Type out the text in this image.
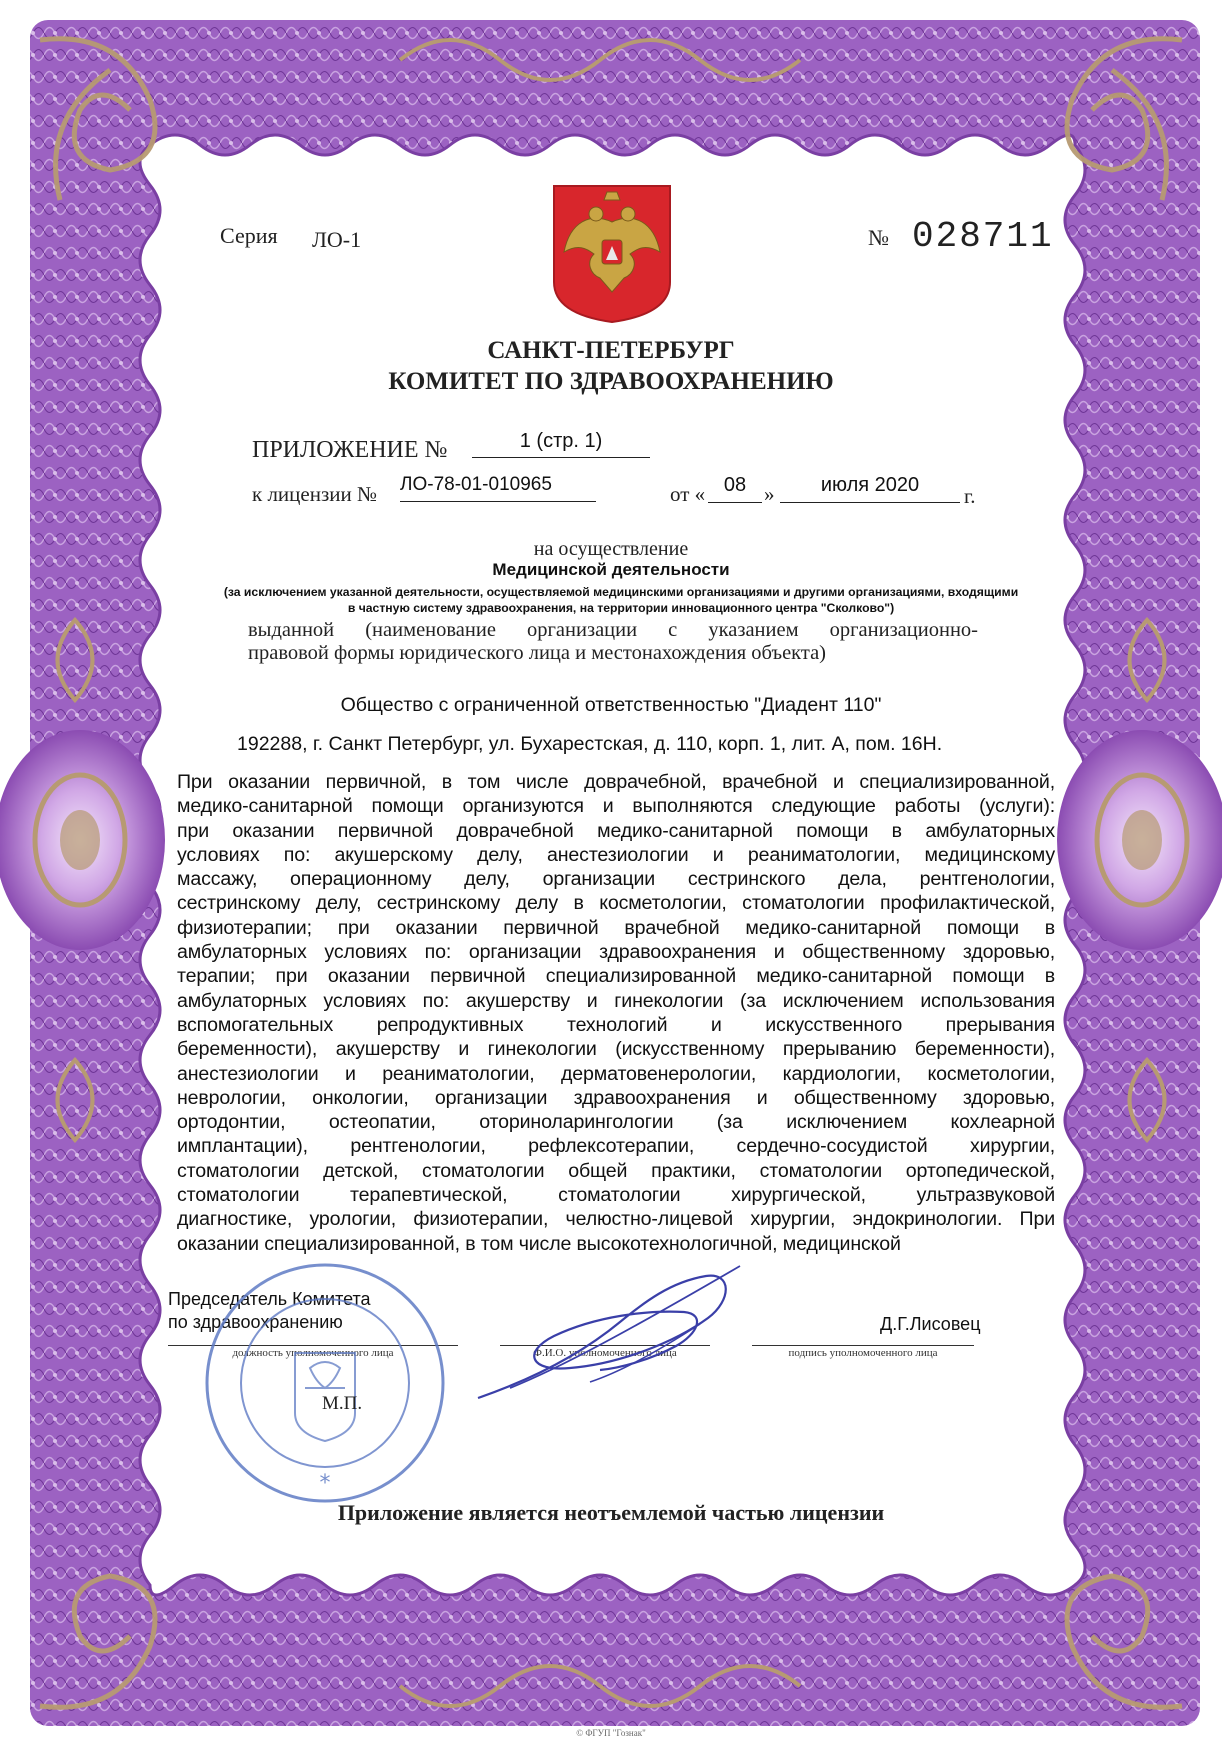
Серия ЛО-1	№ 028711
САНКТ-ПЕТЕРБУРГ
КОМИТЕТ ПО ЗДРАВООХРАНЕНИЮ
ПРИЛОЖЕНИЕ №	1 (стр. 1)
к лицензии № ЛО-78-01-010965	от « 08 »	июля 2020	г.
на осуществление
Медицинской деятельности
(за исключением указанной деятельности, осуществляемой медицинскими организациями и другими организациями, входящими
в частную систему здравоохранения, на территории инновационного центра "Сколково")
выданной (наименование организации с указанием организационно-
правовой формы юридического лица и местонахождения объекта)
Общество с ограниченной ответственностью "Диадент 110"
192288, г. Санкт Петербург, ул. Бухарестская, д. 110, корп. 1, лит. А, пом. 16Н.
При оказании первичной, в том числе доврачебной, врачебной и специализированной,
медико-санитарной помощи организуются и выполняются следующие работы (услуги):
при оказании первичной доврачебной медико-санитарной помощи в амбулаторных
условиях по: акушерскому делу, анестезиологии и реаниматологии, медицинскому
массажу, операционному делу, организации сестринского дела, рентгенологии,
сестринскому делу, сестринскому делу в косметологии, стоматологии профилактической,
физиотерапии; при оказании первичной врачебной медико-санитарной помощи в
амбулаторных условиях по: организации здравоохранения и общественному здоровью,
терапии; при оказании первичной специализированной медико-санитарной помощи в
амбулаторных условиях по: акушерству и гинекологии (за исключением использования
вспомогательных репродуктивных технологий и искусственного прерывания
беременности), акушерству и гинекологии (искусственному прерыванию беременности),
анестезиологии и реаниматологии, дерматовенерологии, кардиологии, косметологии,
неврологии, онкологии, организации здравоохранения и общественному здоровью,
ортодонтии, остеопатии, оториноларингологии (за исключением кохлеарной
имплантации), рентгенологии, рефлексотерапии, сердечно-сосудистой хирургии,
стоматологии детской, стоматологии общей практики, стоматологии ортопедической,
стоматологии терапевтической, стоматологии хирургической, ультразвуковой
диагностике, урологии, физиотерапии, челюстно-лицевой хирургии, эндокринологии. При
оказании специализированной, в том числе высокотехнологичной, медицинской
Председатель Комитета
по здравоохранению
должность уполномоченного лица	Ф.И.О. уполномоченного лица
Д.Г.Лисовец
подпись уполномоченного лица
*
М.П.
Приложение является неотъемлемой частью лицензии
© ФГУП "Гознак"
